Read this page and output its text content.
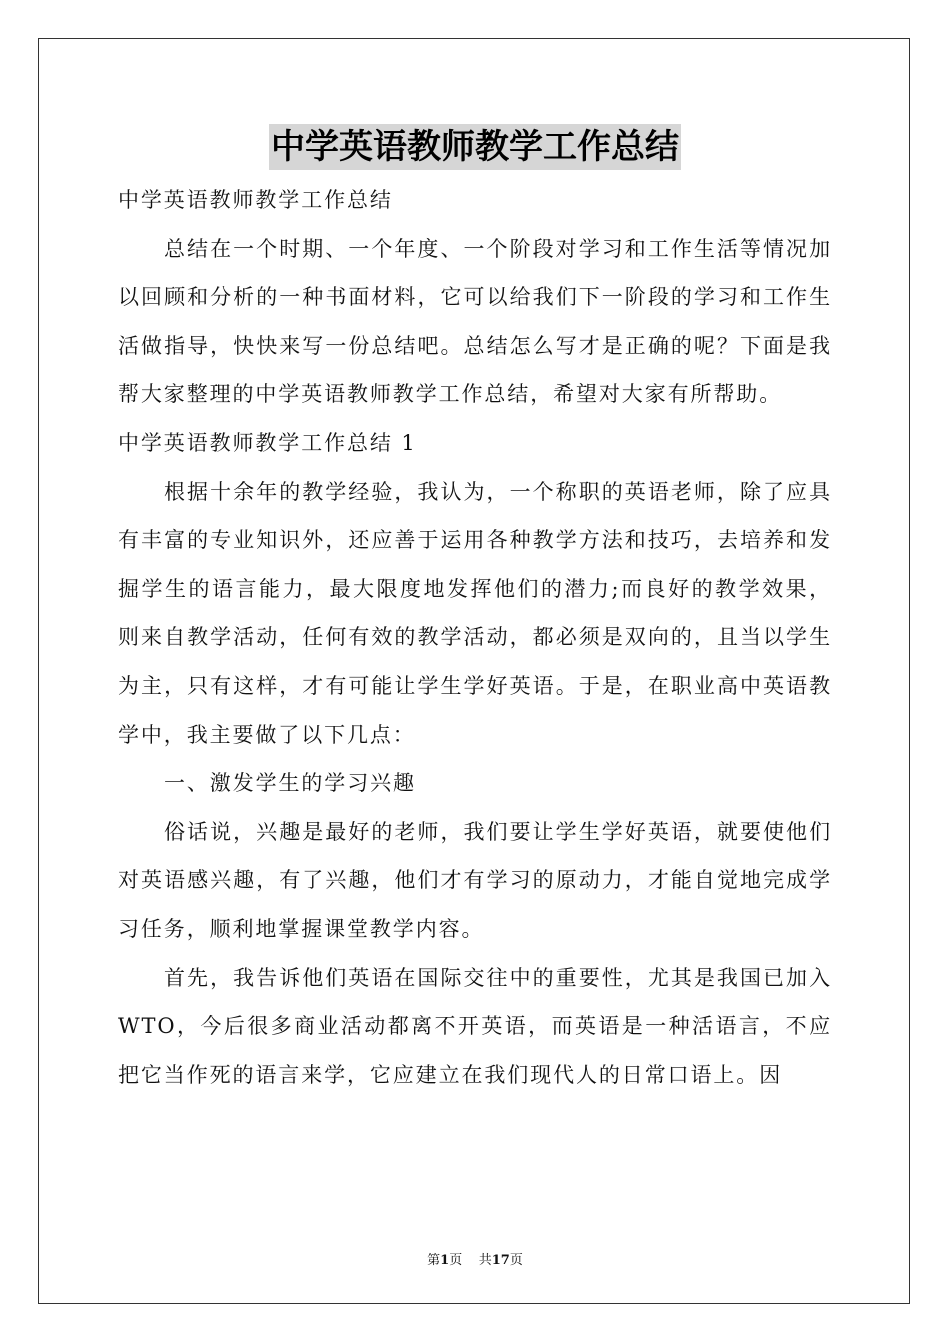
中学英语教师教学工作总结

中学英语教师教学工作总结

总结在一个时期、一个年度、一个阶段对学习和工作生活等情况加以回顾和分析的一种书面材料，它可以给我们下一阶段的学习和工作生活做指导，快快来写一份总结吧。总结怎么写才是正确的呢？下面是我帮大家整理的中学英语教师教学工作总结，希望对大家有所帮助。

中学英语教师教学工作总结 1

根据十余年的教学经验，我认为，一个称职的英语老师，除了应具有丰富的专业知识外，还应善于运用各种教学方法和技巧，去培养和发掘学生的语言能力，最大限度地发挥他们的潜力;而良好的教学效果，则来自教学活动，任何有效的教学活动，都必须是双向的，且当以学生为主，只有这样，才有可能让学生学好英语。于是，在职业高中英语教学中，我主要做了以下几点：

一、激发学生的学习兴趣

俗话说，兴趣是最好的老师，我们要让学生学好英语，就要使他们对英语感兴趣，有了兴趣，他们才有学习的原动力，才能自觉地完成学习任务，顺利地掌握课堂教学内容。

首先，我告诉他们英语在国际交往中的重要性，尤其是我国已加入WTO，今后很多商业活动都离不开英语，而英语是一种活语言，不应把它当作死的语言来学，它应建立在我们现代人的日常口语上。因

第1页 共17页
